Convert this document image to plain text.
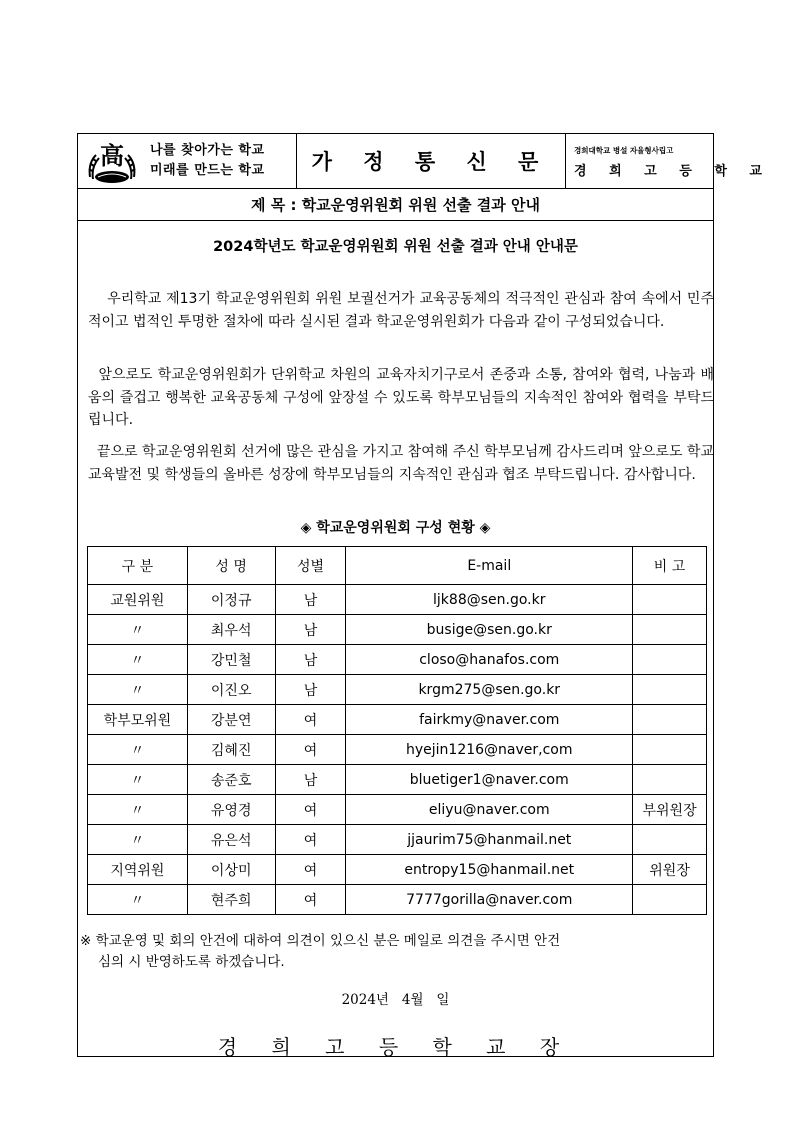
高 나를 찾아가는 학교
미래를 만드는 학교	가 정 통 신 문	경희대학교 병설 자율형사립고
경 희 고 등 학 교
제 목 : 학교운영위원회 위원 선출 결과 안내
2024학년도 학교운영위원회 위원 선출 결과 안내 안내문
우리학교 제13기 학교운영위원회 위원 보궐선거가 교육공동체의 적극적인 관심과 참여 속에서 민주적이고 법적인 투명한 절차에 따라 실시된 결과 학교운영위원회가 다음과 같이 구성되었습니다.
앞으로도 학교운영위원회가 단위학교 차원의 교육자치기구로서 존중과 소통, 참여와 협력, 나눔과 배움의 즐겁고 행복한 교육공동체 구성에 앞장설 수 있도록 학부모님들의 지속적인 참여와 협력을 부탁드립니다.
끝으로 학교운영위원회 선거에 많은 관심을 가지고 참여해 주신 학부모님께 감사드리며 앞으로도 학교 교육발전 및 학생들의 올바른 성장에 학부모님들의 지속적인 관심과 협조 부탁드립니다. 감사합니다.
◈ 학교운영위원회 구성 현황 ◈
구 분	성 명	성별	E-mail	비 고
교원위원	이정규	남	ljk88@sen.go.kr	
〃	최우석	남	busige@sen.go.kr	
〃	강민철	남	closo@hanafos.com	
〃	이진오	남	krgm275@sen.go.kr	
학부모위원	강분연	여	fairkmy@naver.com	
〃	김혜진	여	hyejin1216@naver,com	
〃	송준호	남	bluetiger1@naver.com	
〃	유영경	여	eliyu@naver.com	부위원장
〃	유은석	여	jjaurim75@hanmail.net	
지역위원	이상미	여	entropy15@hanmail.net	위원장
〃	현주희	여	7777gorilla@naver.com	
※ 학교운영 및 회의 안건에 대하여 의견이 있으신 분은 메일로 의견을 주시면 안건
심의 시 반영하도록 하겠습니다.
2024년   4월   일
경 희 고 등 학 교 장
